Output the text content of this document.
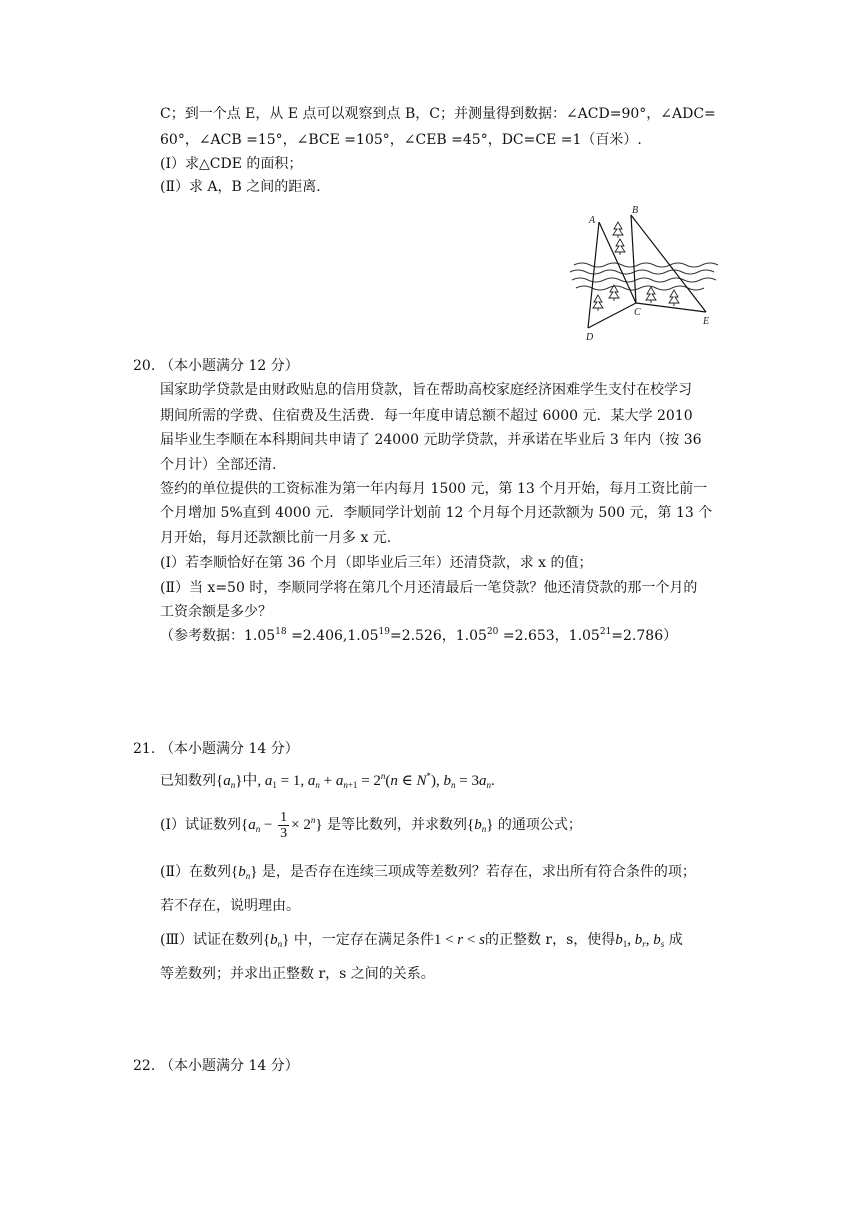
C；到一个点 E，从 E 点可以观察到点 B，C；并测量得到数据：∠ACD=90°，∠ADC=
60°，∠ACB =15°，∠BCE =105°，∠CEB =45°，DC=CE =1（百米）.
(Ⅰ）求△CDE 的面积；
(Ⅱ）求 A，B 之间的距离.
A
B
C
D
E
20. （本小题满分 12 分）
国家助学贷款是由财政贴息的信用贷款，旨在帮助高校家庭经济困难学生支付在校学习
期间所需的学费、住宿费及生活费．每一年度申请总额不超过 6000 元．某大学 2010
届毕业生李顺在本科期间共申请了 24000 元助学贷款，并承诺在毕业后 3 年内（按 36
个月计）全部还清.
签约的单位提供的工资标准为第一年内每月 1500 元，第 13 个月开始，每月工资比前一
个月增加 5%直到 4000 元．李顺同学计划前 12 个月每个月还款额为 500 元，第 13 个
月开始，每月还款额比前一月多 x 元.
(Ⅰ）若李顺恰好在第 36 个月（即毕业后三年）还清贷款，求 x 的值；
(Ⅱ）当 x=50 时，李顺同学将在第几个月还清最后一笔贷款？他还清贷款的那一个月的
工资余额是多少？
（参考数据：$1.05^{18} =2.406,1.05^{19}=2.526$，$1.05^{20} =2.653$，$1.05^{21}=2.786$）
21. （本小题满分 14 分）
已知数列$\{a_n\}$中, $a_1 = 1$, $a_n + a_{n+1} = 2^n(n$ ∈ N*), $b_n = 3a_n$.
(Ⅰ）试证数列$\{a_n - \frac{1}{3} \times 2^n\}$ 是等比数列，并求数列$\{b_n\}$ 的通项公式；
(Ⅱ）在数列$\{b_n\}$ 是，是否存在连续三项成等差数列？若存在，求出所有符合条件的项；
若不存在，说明理由。
(Ⅲ）试证在数列$\{b_n\}$ 中，一定存在满足条件1 < r < s的正整数 r，s，使得$b_1$, $b_r$, $b_s$ 成
等差数列；并求出正整数 r，s 之间的关系。
22. （本小题满分 14 分）
